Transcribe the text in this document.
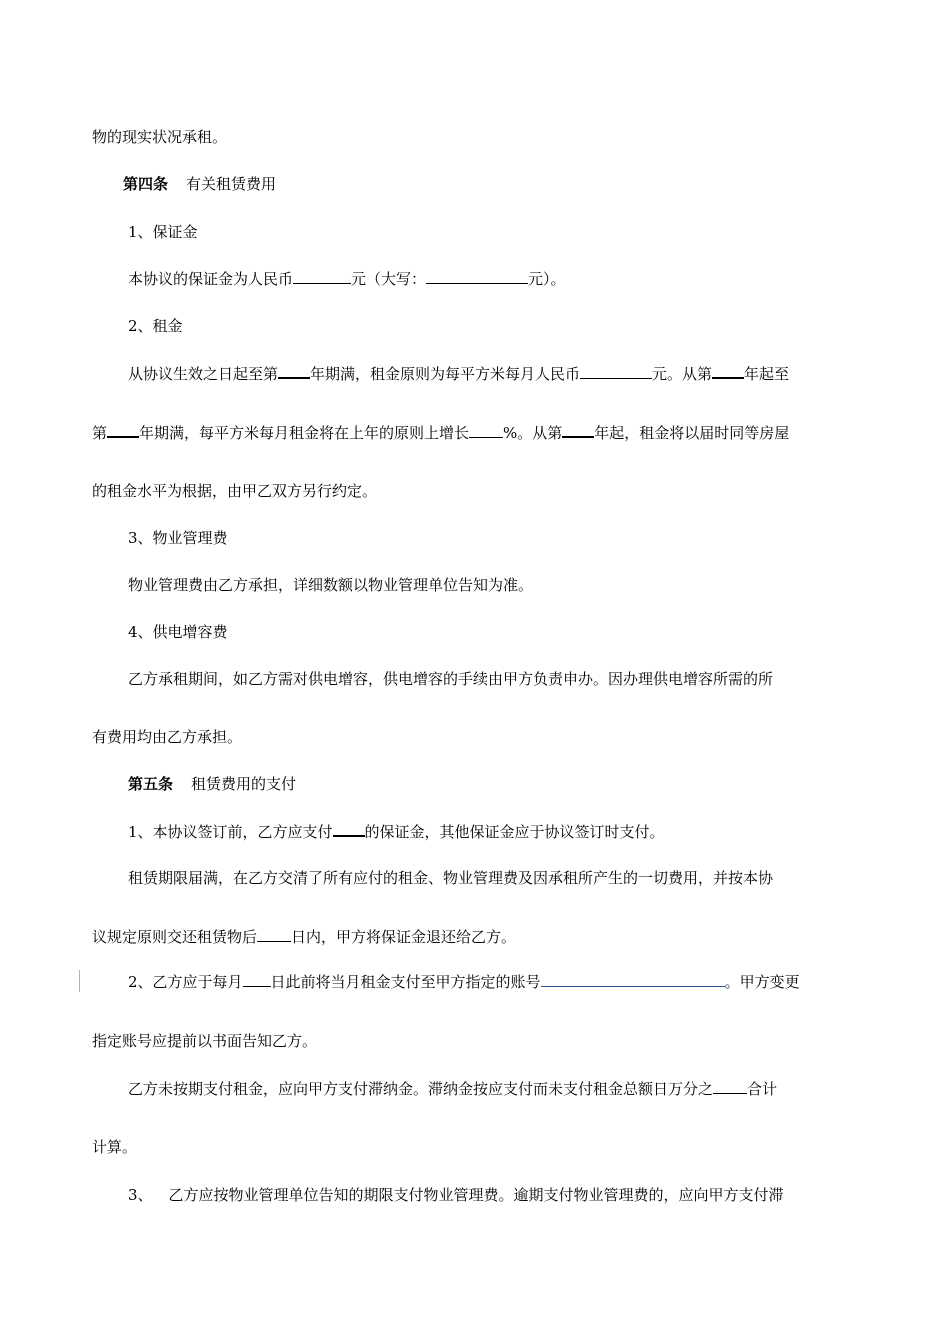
物的现实状况承租。
第四条 有关租赁费用
1、保证金
本协议的保证金为人民币	元（大写：	元）。
2、租金
从协议生效之日起至第 年期满，租金原则为每平方米每月人民币	元。从第 年起至
第 年期满，每平方米每月租金将在上年的原则上增长 %。从第 年起，租金将以届时同等房屋
的租金水平为根据，由甲乙双方另行约定。
3、物业管理费
物业管理费由乙方承担，详细数额以物业管理单位告知为准。
4、供电增容费
乙方承租期间，如乙方需对供电增容，供电增容的手续由甲方负责申办。因办理供电增容所需的所
有费用均由乙方承担。
第五条 租赁费用的支付
1、本协议签订前，乙方应支付 的保证金，其他保证金应于协议签订时支付。
租赁期限届满，在乙方交清了所有应付的租金、物业管理费及因承租所产生的一切费用，并按本协
议规定原则交还租赁物后 日内，甲方将保证金退还给乙方。
2、乙方应于每月 日此前将当月租金支付至甲方指定的账号	。甲方变更
指定账号应提前以书面告知乙方。
乙方未按期支付租金，应向甲方支付滞纳金。滞纳金按应支付而未支付租金总额日万分之 合计
计算。
3、 乙方应按物业管理单位告知的期限支付物业管理费。逾期支付物业管理费的，应向甲方支付滞
